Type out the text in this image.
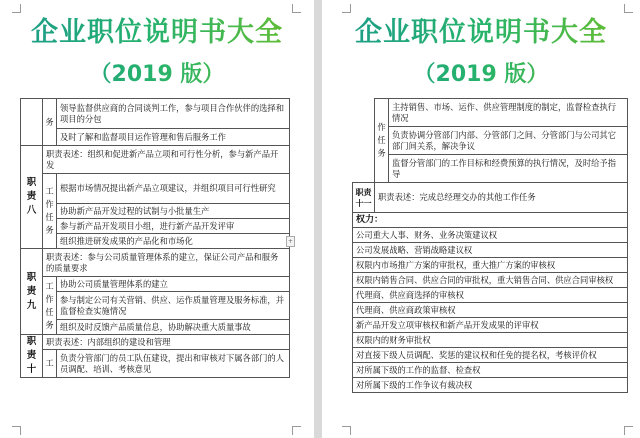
企业职位说明书大全
（2019 版）
	务	领导监督供应商的合同谈判工作，参与项目合作伙伴的选择和项目的分包
		及时了解和监督项目运作管理和售后服务工作

职责八	职责表述：组织和促进新产品立项和可行性分析，参与新产品开发	

	工作任务	根据市场情况提出新产品立项建议，并组织项目可行性研究
		协助新产品开发过程的试制与小批量生产
		参与新产品开发项目小组，进行新产品开发评审
		组织推进研发成果的产品化和市场化

职责九	职责表述：参与公司质量管理体系的建立，保证公司产品和服务的质量要求	

	工作任务	协助公司质量管理体系的建立
		参与制定公司有关营销、供应、运作质量管理及服务标准，并监督检查实施情况
		组织及时反馈产品质量信息，协助解决重大质量事故

职责十	职责表述：内部组织的建设和管理	
	工	负责分管部门的员工队伍建设，提出和审核对下属各部门的人员调配、培训、考核意见
+
企业职位说明书大全
（2019 版）

	作任务	主持销售、市场、运作、供应管理制度的制定，监督检查执行情况
		负责协调分管部门内部、分管部门之间、分管部门与公司其它部门间关系，解决争议
		监督分管部门的工作目标和经费预算的执行情况，及时给予指导
职责十一	职责表述：完成总经理交办的其他工作任务	
权力：		
公司重大人事、财务、业务决策建议权		
公司发展战略、营销战略建议权		
权限内市场推广方案的审批权，重大推广方案的审核权		
权限内销售合同、供应合同的审批权，重大销售合同、供应合同审核权		
代理商、供应商选择的审核权		
代理商、供应商政策审核权		
新产品开发立项审核权和新产品开发成果的评审权		
权限内的财务审批权		
对直接下级人员调配、奖惩的建议权和任免的提名权，考核评价权		
对所属下级的工作的监督、检查权		
对所属下级的工作争议有裁决权		
